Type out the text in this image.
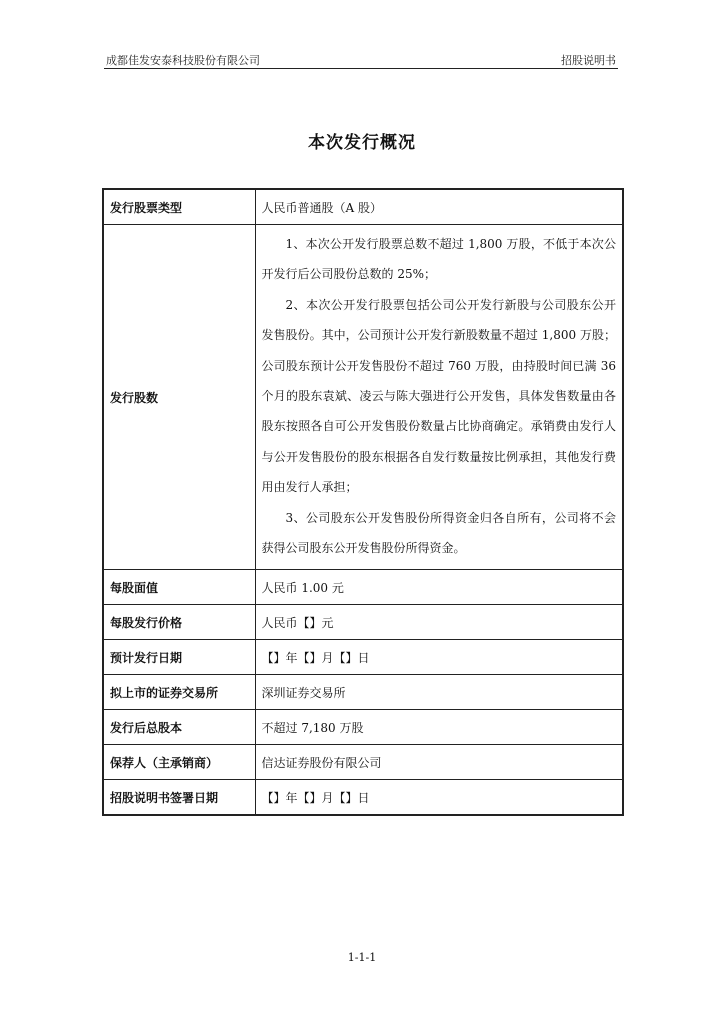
成都佳发安泰科技股份有限公司	招股说明书
本次发行概况
发行股票类型	人民币普通股（A 股）
发行股数	1、本次公开发行股票总数不超过 1,800 万股，不低于本次公开发行后公司股份总数的 25%；

2、本次公开发行股票包括公司公开发行新股与公司股东公开发售股份。其中，公司预计公开发行新股数量不超过 1,800 万股；公司股东预计公开发售股份不超过 760 万股，由持股时间已满 36 个月的股东袁斌、凌云与陈大强进行公开发售，具体发售数量由各股东按照各自可公开发售股份数量占比协商确定。承销费由发行人与公开发售股份的股东根据各自发行数量按比例承担，其他发行费用由发行人承担；

3、公司股东公开发售股份所得资金归各自所有，公司将不会获得公司股东公开发售股份所得资金。

每股面值	人民币 1.00 元
每股发行价格	人民币【】元
预计发行日期	【】年【】月【】日
拟上市的证券交易所	深圳证券交易所
发行后总股本	不超过 7,180 万股
保荐人（主承销商）	信达证券股份有限公司
招股说明书签署日期	【】年【】月【】日
1-1-1
